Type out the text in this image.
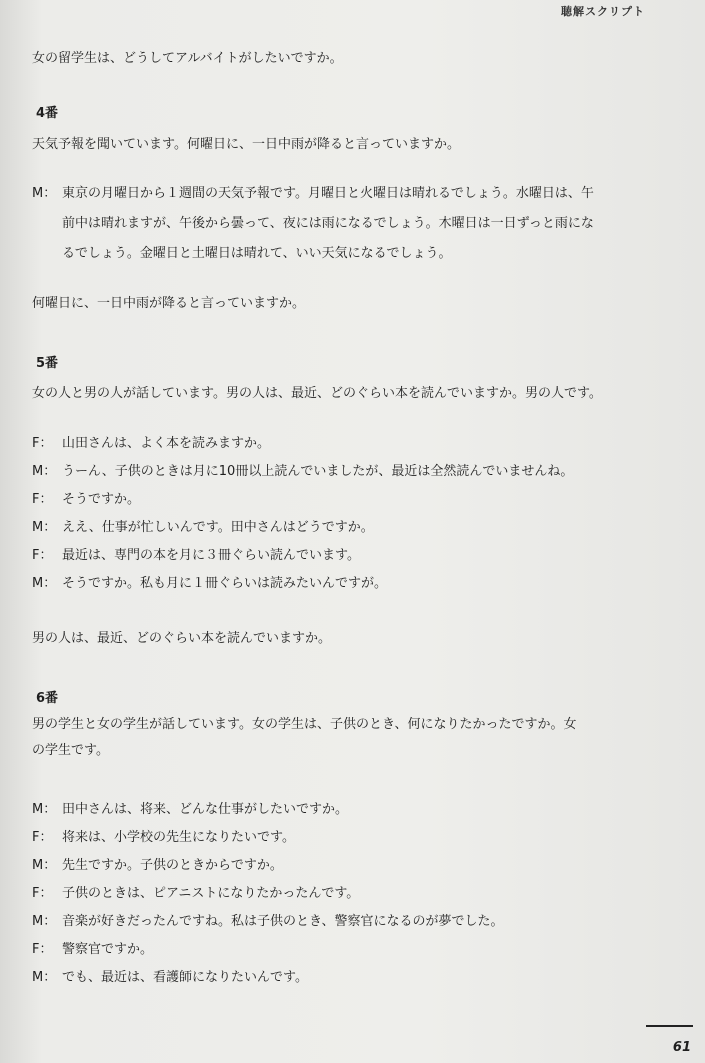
聴解スクリプト
女の留学生は、どうしてアルバイトがしたいですか。
4番
天気予報を聞いています。何曜日に、一日中雨が降ると言っていますか。
M： 東京の月曜日から１週間の天気予報です。月曜日と火曜日は晴れるでしょう。水曜日は、午
前中は晴れますが、午後から曇って、夜には雨になるでしょう。木曜日は一日ずっと雨にな
るでしょう。金曜日と土曜日は晴れて、いい天気になるでしょう。
何曜日に、一日中雨が降ると言っていますか。
5番
女の人と男の人が話しています。男の人は、最近、どのぐらい本を読んでいますか。男の人です。
F： 山田さんは、よく本を読みますか。
M： うーん、子供のときは月に10冊以上読んでいましたが、最近は全然読んでいませんね。
F： そうですか。
M： ええ、仕事が忙しいんです。田中さんはどうですか。
F： 最近は、専門の本を月に３冊ぐらい読んでいます。
M： そうですか。私も月に１冊ぐらいは読みたいんですが。
男の人は、最近、どのぐらい本を読んでいますか。
6番
男の学生と女の学生が話しています。女の学生は、子供のとき、何になりたかったですか。女
の学生です。
M： 田中さんは、将来、どんな仕事がしたいですか。
F： 将来は、小学校の先生になりたいです。
M： 先生ですか。子供のときからですか。
F： 子供のときは、ピアニストになりたかったんです。
M： 音楽が好きだったんですね。私は子供のとき、警察官になるのが夢でした。
F： 警察官ですか。
M： でも、最近は、看護師になりたいんです。
61
